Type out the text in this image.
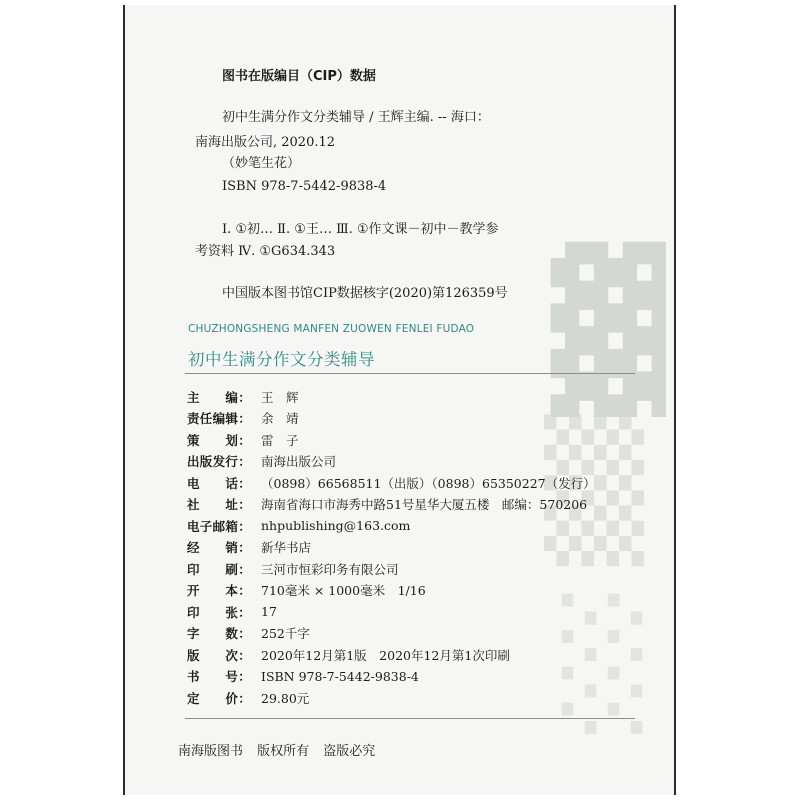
▓
▒
░
图书在版编目（CIP）数据
初中生满分作文分类辅导 / 王辉主编. -- 海口：
南海出版公司, 2020.12
（妙笔生花）
ISBN 978-7-5442-9838-4
Ⅰ. ①初… Ⅱ. ①王… Ⅲ. ①作文课－初中－教学参
考资料 Ⅳ. ①G634.343
中国版本图书馆CIP数据核字(2020)第126359号
CHUZHONGSHENG MANFEN ZUOWEN FENLEI FUDAO
初中生满分作文分类辅导
主　　编： 王　辉
责任编辑： 余　靖
策　　划： 雷　子
出版发行： 南海出版公司
电　　话： （0898）66568511（出版）（0898）65350227（发行）
社　　址： 海南省海口市海秀中路51号星华大厦五楼　邮编：570206
电子邮箱： nhpublishing@163.com
经　　销： 新华书店
印　　刷： 三河市恒彩印务有限公司
开　　本： 710毫米 × 1000毫米　1/16
印　　张： 17
字　　数： 252千字
版　　次： 2020年12月第1版　2020年12月第1次印刷
书　　号： ISBN 978-7-5442-9838-4
定　　价： 29.80元
南海版图书 版权所有 盗版必究
